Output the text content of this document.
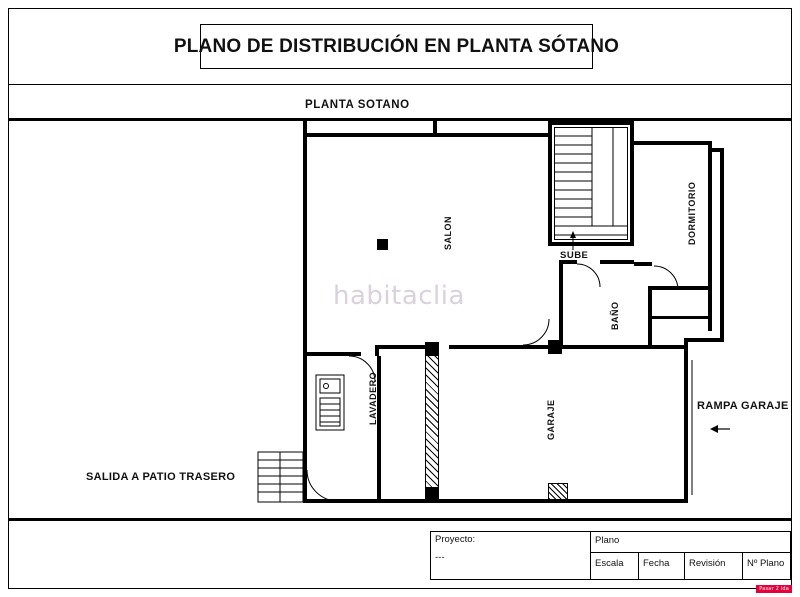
PLANO DE DISTRIBUCIÓN EN PLANTA SÓTANO
PLANTA SOTANO
SALON	DORMITORIO
BAÑO
LAVADERO	GARAJE
SUBE
RAMPA GARAJE
SALIDA A PATIO TRASERO
habitaclia
Proyecto:
---
Plano
Escala	Fecha	Revisión	Nº Plano
Pasar 2 ida
